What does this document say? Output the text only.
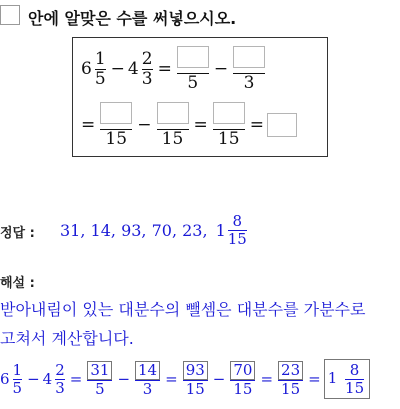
안에 알맞은 수를 써넣으시오.
$6 \frac{1}{5} - 4 \frac{2}{3}$ =
5
−
3
=
15
−
15
=
15
=
정답 : 31, 14, 93, 70, 23, $1 \frac{8}{15}$
해설 :
받아내림이 있는 대분수의 뺄셈은 대분수를 가분수로
고쳐서 계산합니다.
$6 \frac{1}{5} - 4 \frac{2}{3} = \frac{31}{5} - \frac{14}{3} = \frac{93}{15} - \frac{70}{15} = \frac{23}{15} = 1 \frac{8}{15}$
